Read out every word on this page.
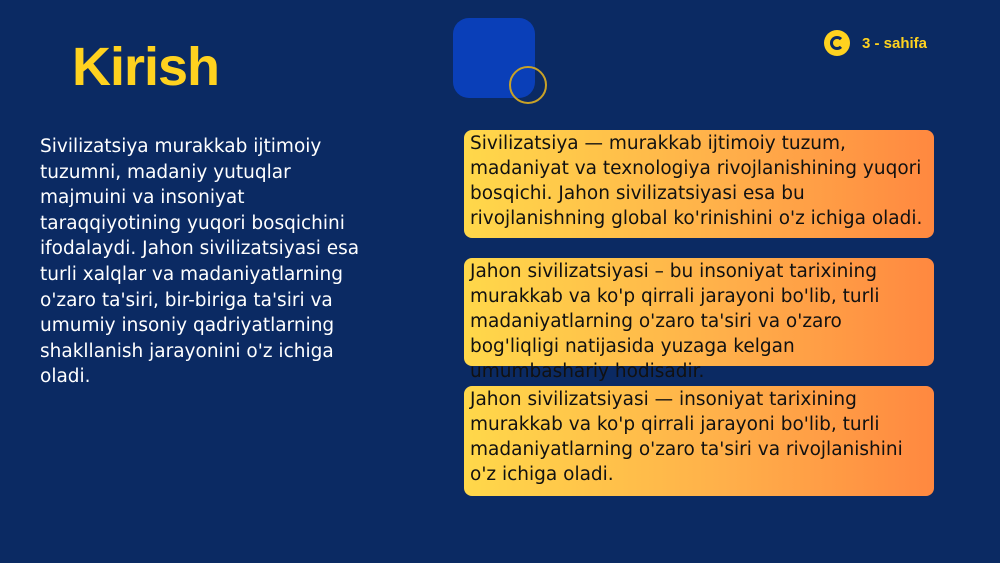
Kirish	3 - sahifa
Sivilizatsiya murakkab ijtimoiy tuzumni, madaniy yutuqlar majmuini va insoniyat taraqqiyotining yuqori bosqichini ifodalaydi. Jahon sivilizatsiyasi esa turli xalqlar va madaniyatlarning o'zaro ta'siri, bir-biriga ta'siri va umumiy insoniy qadriyatlarning shakllanish jarayonini o'z ichiga oladi.
Sivilizatsiya — murakkab ijtimoiy tuzum, madaniyat va texnologiya rivojlanishining yuqori bosqichi. Jahon sivilizatsiyasi esa bu rivojlanishning global ko'rinishini o'z ichiga oladi.
Jahon sivilizatsiyasi – bu insoniyat tarixining murakkab va ko'p qirrali jarayoni bo'lib, turli madaniyatlarning o'zaro ta'siri va o'zaro bog'liqligi natijasida yuzaga kelgan umumbashariy hodisadir.
Jahon sivilizatsiyasi — insoniyat tarixining murakkab va ko'p qirrali jarayoni bo'lib, turli madaniyatlarning o'zaro ta'siri va rivojlanishini o'z ichiga oladi.
